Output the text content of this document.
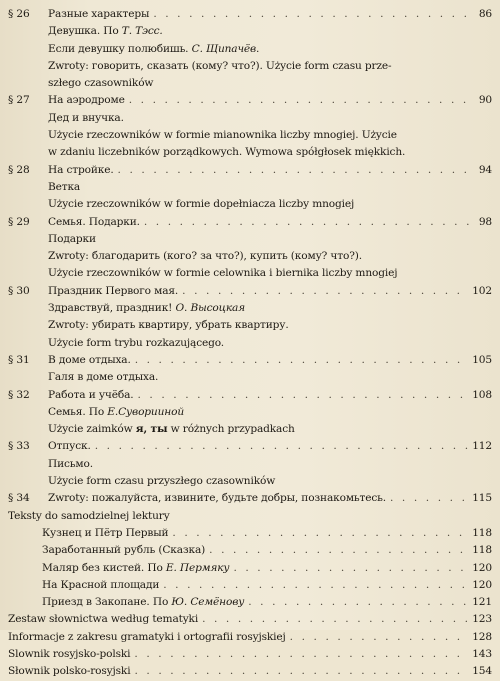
§ 26	Разные характеры . . .	86
Девушка. По Т. Тэсс.
Если девушку полюбишь. С. Щипачёв.
Zwroty: говорить, сказать (кому? что?). Użycie form czasu prze-
szłego czasowników
§ 27	На аэродроме . . .	90
Дед и внучка.
Użycie rzeczowników w formie mianownika liczby mnogiej. Użycie
w zdaniu liczebników porządkowych. Wymowa spółgłosek miękkich.
§ 28	На стройке. . . .	94
Ветка
Użycie rzeczowników w formie dopełniacza liczby mnogiej
§ 29	Семья. Подарки. . . .	98
Подарки
Zwroty: благодарить (кого? за что?), купить (кому? что?).
Użycie rzeczowników w formie celownika i biernika liczby mnogiej
§ 30	Праздник Первого мая. . . .	102
Здравствуй, праздник! О. Высоцкая
Zwroty: убирать квартиру, убрать квартиру.
Użycie form trybu rozkazującego.
§ 31	В доме отдыха. . . .	105
Галя в доме отдыха.
§ 32	Работа и учёба. . . .	108
Семья. По Е.Суворииной
Użycie zaimków я, ты w różnych przypadkach
§ 33	Отпуск. . . .	112
Письмо.
Użycie form czasu przyszłego czasowników
§ 34	Zwroty: пожалуйста, извините, будьте добры, познакомьтесь. . . .	115
Teksty do samodzielnej lektury
Кузнец и Пётр Первый . . .	118
Заработанный рубль (Сказка) . . .	118
Маляр без кистей. По Е. Пермяку . . .	120
На Красной площади . . .	120
Приезд в Закопане. По Ю. Семёнову . . .	121
Zestaw słownictwa według tematyki . . .	123
Informacje z zakresu gramatyki i ortografii rosyjskiej . . .	128
Slownik rosyjsko-polski . . .	143
Słownik polsko-rosyjski . . .	154
